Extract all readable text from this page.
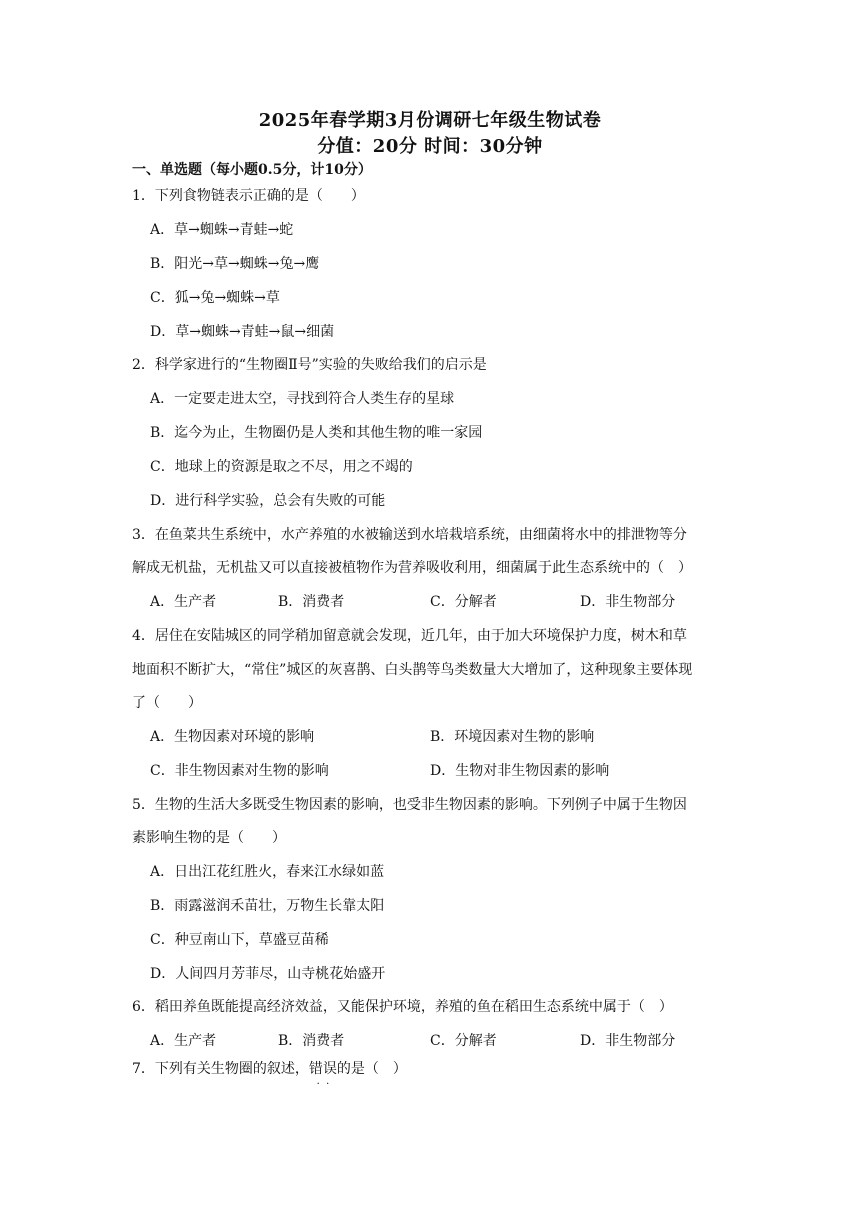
2025年春学期3月份调研七年级生物试卷
分值：20分 时间：30分钟
一、单选题（每小题0.5分，计10分）
1．下列食物链表示正确的是（　　）
A．草→蜘蛛→青蛙→蛇
B．阳光→草→蜘蛛→兔→鹰
C．狐→兔→蜘蛛→草
D．草→蜘蛛→青蛙→鼠→细菌
2．科学家进行的“生物圈Ⅱ号”实验的失败给我们的启示是
A．一定要走进太空，寻找到符合人类生存的星球
B．迄今为止，生物圈仍是人类和其他生物的唯一家园
C．地球上的资源是取之不尽，用之不竭的
D．进行科学实验，总会有失败的可能
3．在鱼菜共生系统中，水产养殖的水被输送到水培栽培系统，由细菌将水中的排泄物等分
解成无机盐，无机盐又可以直接被植物作为营养吸收利用，细菌属于此生态系统中的（　）
A．生产者	B．消费者	C．分解者	D．非生物部分
4．居住在安陆城区的同学稍加留意就会发现，近几年，由于加大环境保护力度，树木和草
地面积不断扩大，“常住”城区的灰喜鹊、白头鹊等鸟类数量大大增加了，这种现象主要体现
了（　　）
A．生物因素对环境的影响	B．环境因素对生物的影响
C．非生物因素对生物的影响	D．生物对非生物因素的影响
5．生物的生活大多既受生物因素的影响，也受非生物因素的影响。下列例子中属于生物因
素影响生物的是（　　）
A．日出江花红胜火，春来江水绿如蓝
B．雨露滋润禾苗壮，万物生长靠太阳
C．种豆南山下，草盛豆苗稀
D．人间四月芳菲尽，山寺桃花始盛开
6．稻田养鱼既能提高经济效益，又能保护环境，养殖的鱼在稻田生态系统中属于（　）
A．生产者	B．消费者	C．分解者	D．非生物部分
7．下列有关生物圈的叙述，错误
·  ·
的是（　）
